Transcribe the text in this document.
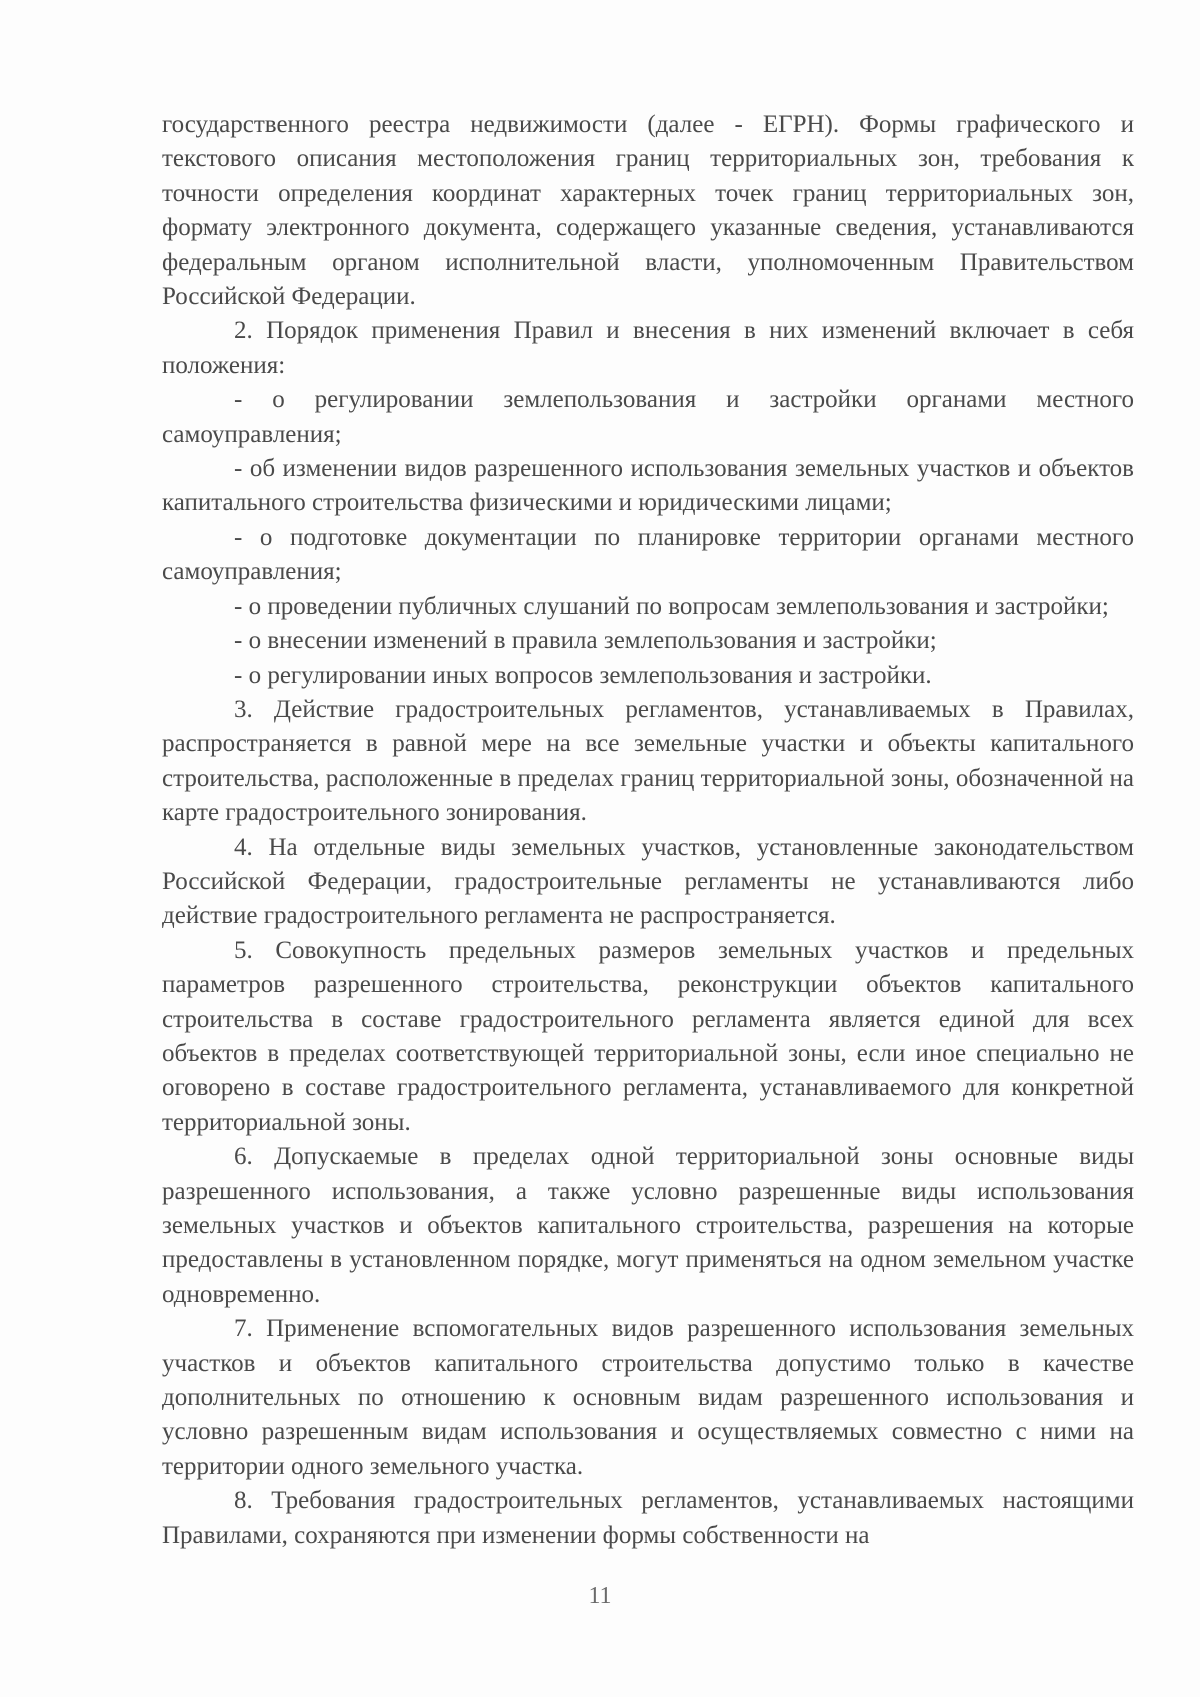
государственного реестра недвижимости (далее - ЕГРН). Формы графического и текстового описания местоположения границ территориальных зон, требования к точности определения координат характерных точек границ территориальных зон, формату электронного документа, содержащего указанные сведения, устанавливаются федеральным органом исполнительной власти, уполномоченным Правительством Российской Федерации.

2. Порядок применения Правил и внесения в них изменений включает в себя положения:

- о регулировании землепользования и застройки органами местного самоуправления;

- об изменении видов разрешенного использования земельных участков и объектов капитального строительства физическими и юридическими лицами;

- о подготовке документации по планировке территории органами местного самоуправления;

- о проведении публичных слушаний по вопросам землепользования и застройки;

- о внесении изменений в правила землепользования и застройки;

- о регулировании иных вопросов землепользования и застройки.

3. Действие градостроительных регламентов, устанавливаемых в Правилах, распространяется в равной мере на все земельные участки и объекты капитального строительства, расположенные в пределах границ территориальной зоны, обозначенной на карте градостроительного зонирования.

4. На отдельные виды земельных участков, установленные законодательством Российской Федерации, градостроительные регламенты не устанавливаются либо действие градостроительного регламента не распространяется.

5. Совокупность предельных размеров земельных участков и предельных параметров разрешенного строительства, реконструкции объектов капитального строительства в составе градостроительного регламента является единой для всех объектов в пределах соответствующей территориальной зоны, если иное специально не оговорено в составе градостроительного регламента, устанавливаемого для конкретной территориальной зоны.

6. Допускаемые в пределах одной территориальной зоны основные виды разрешенного использования, а также условно разрешенные виды использования земельных участков и объектов капитального строительства, разрешения на которые предоставлены в установленном порядке, могут применяться на одном земельном участке одновременно.

7. Применение вспомогательных видов разрешенного использования земельных участков и объектов капитального строительства допустимо только в качестве дополнительных по отношению к основным видам разрешенного использования и условно разрешенным видам использования и осуществляемых совместно с ними на территории одного земельного участка.

8. Требования градостроительных регламентов, устанавливаемых настоящими Правилами, сохраняются при изменении формы собственности на

11
